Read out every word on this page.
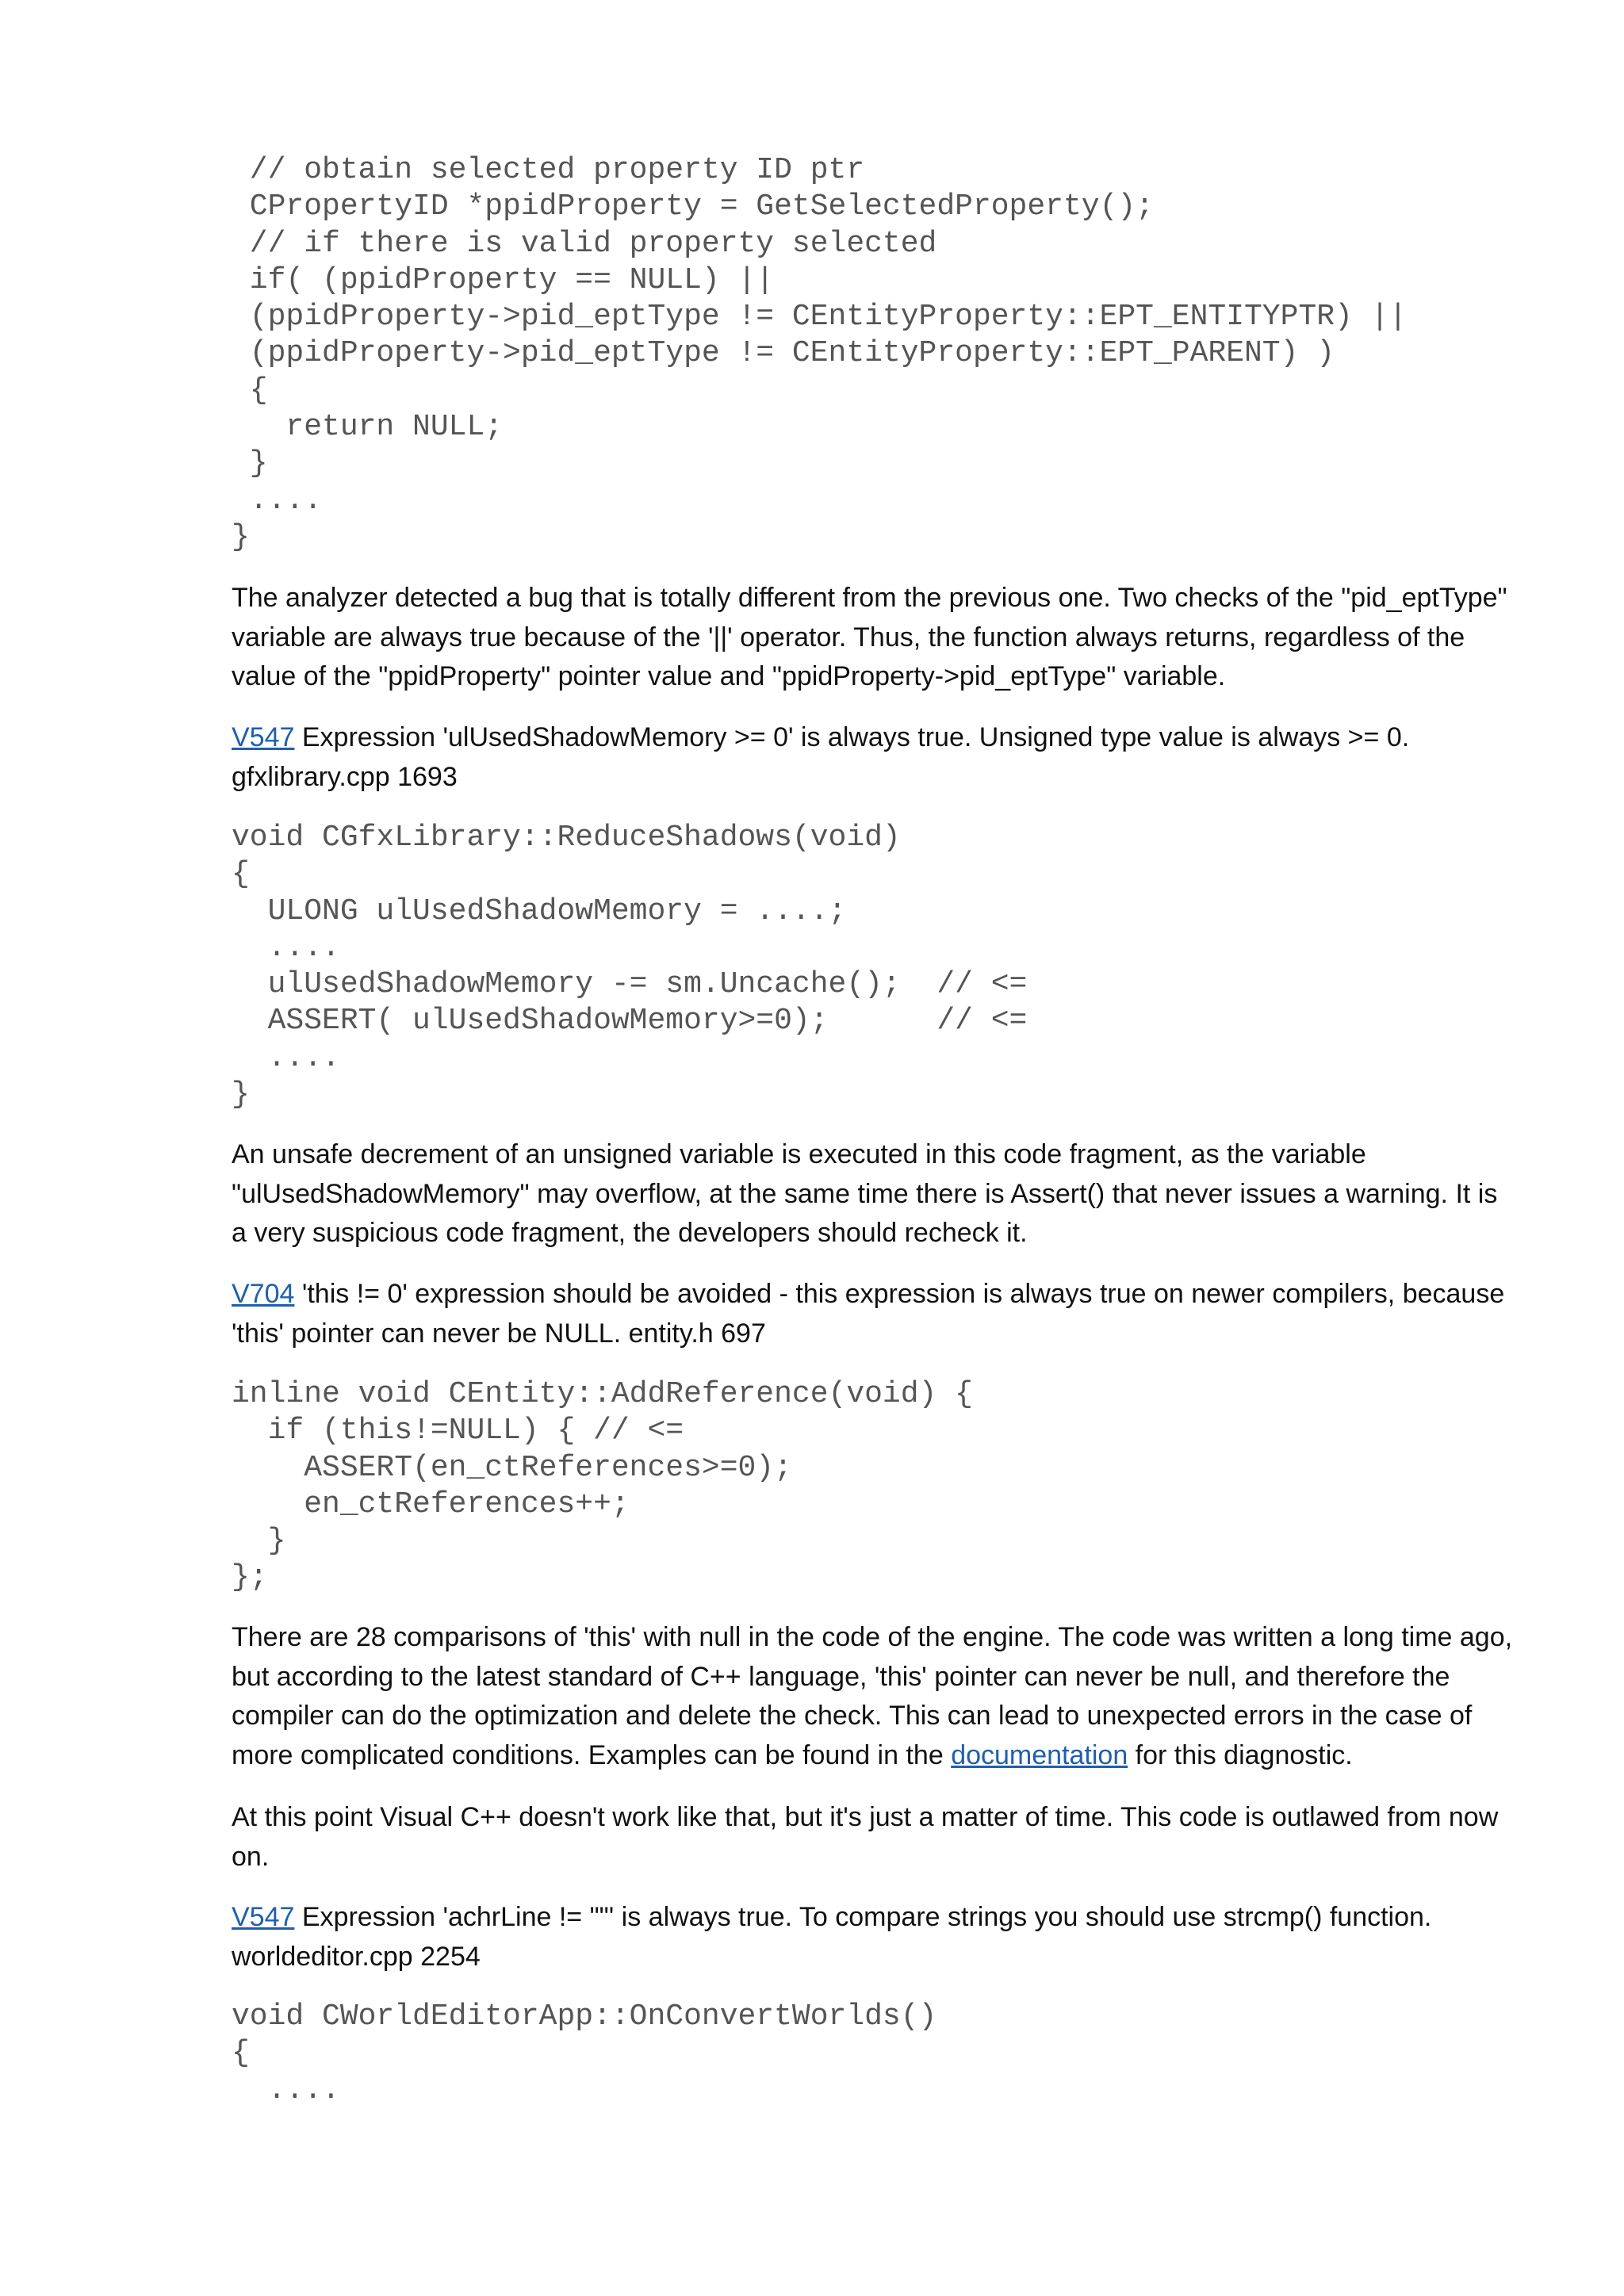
// obtain selected property ID ptr
CPropertyID *ppidProperty = GetSelectedProperty();
// if there is valid property selected
if( (ppidProperty == NULL) ||
(ppidProperty->pid_eptType != CEntityProperty::EPT_ENTITYPTR) ||
(ppidProperty->pid_eptType != CEntityProperty::EPT_PARENT) )
{
return NULL;
}
....
}

The analyzer detected a bug that is totally different from the previous one. Two checks of the "pid_eptType" variable are always true because of the '||' operator. Thus, the function always returns, regardless of the value of the "ppidProperty" pointer value and "ppidProperty->pid_eptType" variable.

V547 Expression 'ulUsedShadowMemory >= 0' is always true. Unsigned type value is always >= 0. gfxlibrary.cpp 1693

void CGfxLibrary::ReduceShadows(void)
{
ULONG ulUsedShadowMemory = ....;
....
ulUsedShadowMemory -= sm.Uncache();  // <=
ASSERT( ulUsedShadowMemory>=0);      // <=
....
}

An unsafe decrement of an unsigned variable is executed in this code fragment, as the variable "ulUsedShadowMemory" may overflow, at the same time there is Assert() that never issues a warning. It is a very suspicious code fragment, the developers should recheck it.

V704 'this != 0' expression should be avoided - this expression is always true on newer compilers, because 'this' pointer can never be NULL. entity.h 697

inline void CEntity::AddReference(void) {
if (this!=NULL) { // <=
ASSERT(en_ctReferences>=0);
en_ctReferences++;
}
};

There are 28 comparisons of 'this' with null in the code of the engine. The code was written a long time ago, but according to the latest standard of C++ language, 'this' pointer can never be null, and therefore the compiler can do the optimization and delete the check. This can lead to unexpected errors in the case of more complicated conditions. Examples can be found in the documentation for this diagnostic.

At this point Visual C++ doesn't work like that, but it's just a matter of time. This code is outlawed from now on.

V547 Expression 'achrLine != ""' is always true. To compare strings you should use strcmp() function. worldeditor.cpp 2254

void CWorldEditorApp::OnConvertWorlds()
{
....
